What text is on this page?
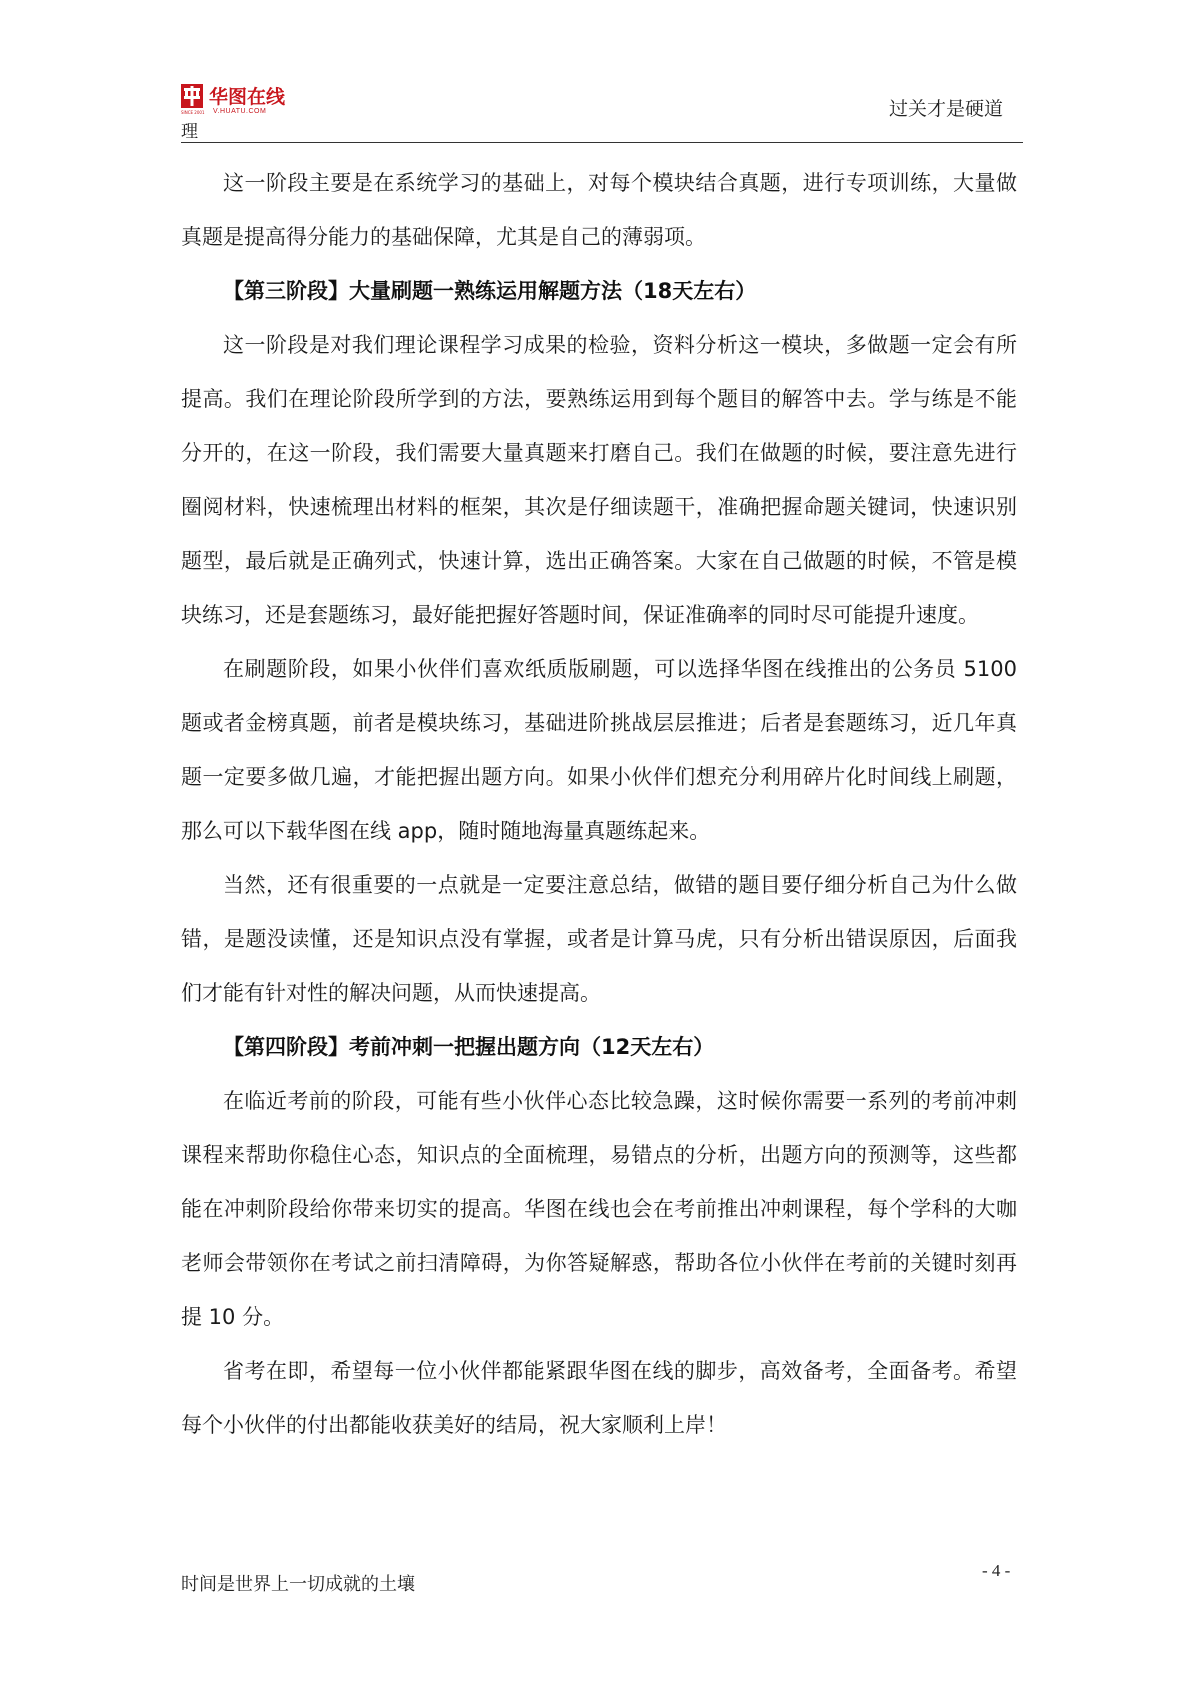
华图在线
V.HUATU.COM
SINCE 2001
理
过关才是硬道

这一阶段主要是在系统学习的基础上，对每个模块结合真题，进行专项训练，大量做真题是提高得分能力的基础保障，尤其是自己的薄弱项。

【第三阶段】大量刷题一熟练运用解题方法（18天左右）

这一阶段是对我们理论课程学习成果的检验，资料分析这一模块，多做题一定会有所提高。我们在理论阶段所学到的方法，要熟练运用到每个题目的解答中去。学与练是不能分开的，在这一阶段，我们需要大量真题来打磨自己。我们在做题的时候，要注意先进行圈阅材料，快速梳理出材料的框架，其次是仔细读题干，准确把握命题关键词，快速识别题型，最后就是正确列式，快速计算，选出正确答案。大家在自己做题的时候，不管是模块练习，还是套题练习，最好能把握好答题时间，保证准确率的同时尽可能提升速度。

在刷题阶段，如果小伙伴们喜欢纸质版刷题，可以选择华图在线推出的公务员 5100 题或者金榜真题，前者是模块练习，基础进阶挑战层层推进；后者是套题练习，近几年真题一定要多做几遍，才能把握出题方向。如果小伙伴们想充分利用碎片化时间线上刷题，那么可以下载华图在线 app，随时随地海量真题练起来。

当然，还有很重要的一点就是一定要注意总结，做错的题目要仔细分析自己为什么做错，是题没读懂，还是知识点没有掌握，或者是计算马虎，只有分析出错误原因，后面我们才能有针对性的解决问题，从而快速提高。

【第四阶段】考前冲刺一把握出题方向（12天左右）

在临近考前的阶段，可能有些小伙伴心态比较急躁，这时候你需要一系列的考前冲刺课程来帮助你稳住心态，知识点的全面梳理，易错点的分析，出题方向的预测等，这些都能在冲刺阶段给你带来切实的提高。华图在线也会在考前推出冲刺课程，每个学科的大咖老师会带领你在考试之前扫清障碍，为你答疑解惑，帮助各位小伙伴在考前的关键时刻再提 10 分。

省考在即，希望每一位小伙伴都能紧跟华图在线的脚步，高效备考，全面备考。希望每个小伙伴的付出都能收获美好的结局，祝大家顺利上岸！

时间是世界上一切成就的土壤
- 4 -
